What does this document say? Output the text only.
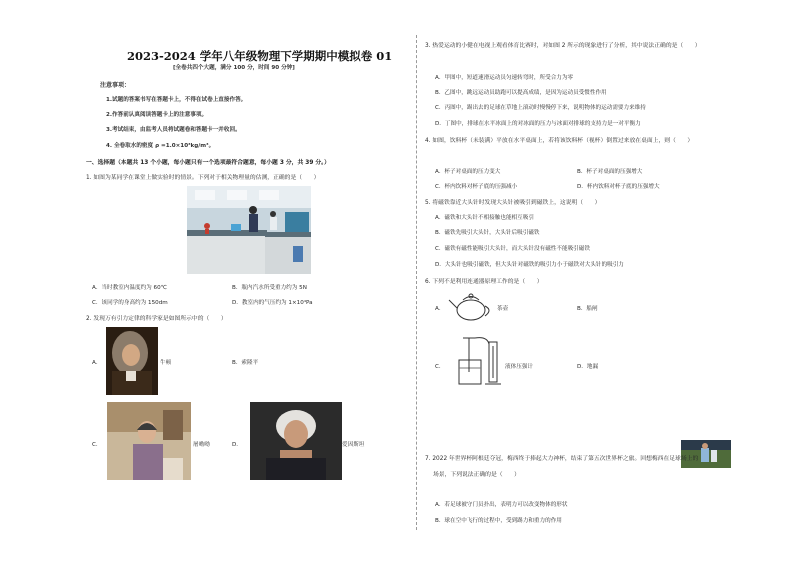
2023-2024 学年八年级物理下学期期中模拟卷 01
[全卷共四个大题，满分 100 分，时间 90 分钟]
注意事项：
1.试题的答案书写在答题卡上，不得在试卷上直接作答。
2.作答前认真阅读答题卡上的注意事项。
3.考试结束，由监考人员将试题卷和答题卡一并收回。
4. 全卷取水的密度 ρ =1.0×10³kg/m³。
一、选择题（本题共 13 个小题，每小题只有一个选项最符合题意，每小题 3 分，共 39 分。）
1. 如图为某同学在课堂上做实验时的情景。下列对于相关物理量的估测，正确的是（　　）
A．当时教室内温度约为 60℃	B．瓶内汽水所受重力约为 5N
C．该同学的身高约为 150dm	D．教室内的气压约为 1×10⁴Pa
2. 发现万有引力定律的科学家是如图所示中的（　　）
A．	牛顿	B．索隆平
C．	屠呦呦	D．	爱因斯坦
3. 热爱运动的小健在电视上观看体育比赛时，对如图 2 所示的现象进行了分析，其中说法正确的是（　　）
A．甲图中，短道速滑运动员匀速转弯时，所受合力为零
B．乙图中，跳远运动员助跑可以提高成绩，是因为运动员受惯性作用
C．丙图中，踢出去的足球在草地上滚动时慢慢停下来，说明物体的运动需要力来维持
D．丁图中，排球在水平冰面上的对冰面的压力与冰面对排球的支持力是一对平衡力
4. 如图，饮料杯（未装满）平放在水平桌面上，若将该饮料杯（视杯）倒置过来放在桌面上，则（　　）
A．杯子对桌面的压力变大	B．杯子对桌面的压强增大
C．杯内饮料对杯子底的压强减小	D．杯内饮料对杯子底的压强增大
5. 将磁铁靠近大头针时发现大头针被吸引到磁铁上，这说明（　　）
A．磁铁和大头针不相接触也能相互吸引
B．磁铁先吸引大头针，大头针后吸引磁铁
C．磁铁有磁性能吸引大头针，而大头针没有磁性不能吸引磁铁
D．大头针也吸引磁铁，但大头针对磁铁的吸引力小于磁铁对大头针的吸引力
6. 下列不是利用连通器原理工作的是（　　）
A．	茶壶	B．船闸
C．	液体压强计	D．地漏
7. 2022 年世界杯阿根廷夺冠，梅西终于捧起大力神杯，结束了第五次世界杯之旅。回想梅西在足球场上的
场景，下列说法正确的是（　　）
A．若足球被守门员扑出，表明力可以改变物体的形状
B．球在空中飞行的过程中，受到踢力和重力的作用
